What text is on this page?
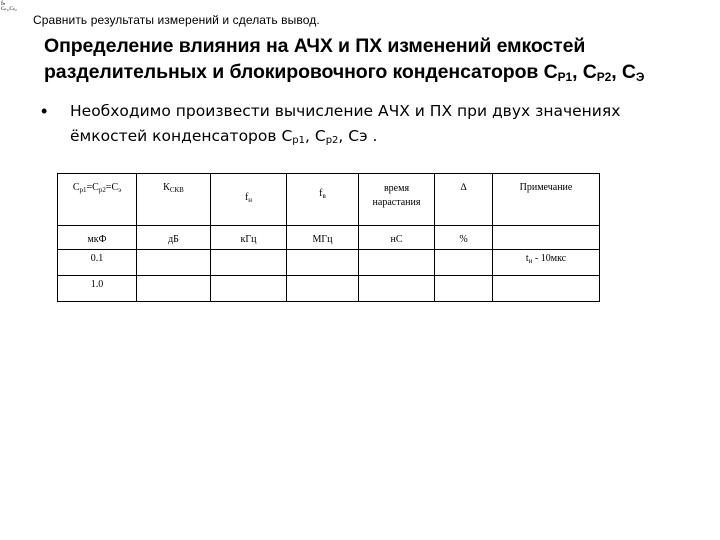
fₙ
Cₚ₁,Cₚ₂
Сравнить результаты измерений и сделать вывод.
Определение влияния на АЧХ и ПХ изменений емкостей
разделительных и блокировочного конденсаторов $С_{Р1}$, $С_{Р2}$, $С_Э$
• Необходимо произвести вычисление АЧХ и ПХ при двух значениях
ёмкостей конденсаторов $С_{р1}$, $С_{р2}$, Сэ .
$С_{р1}=С_{р2}=С_э$	$К_{СКВ}$	$f_н$	$f_в$	время нарастания	∆	Примечание
мкФ	дБ	кГц	МГц	нС	%	
0.1						$t_и - 10мкс$
1.0						
